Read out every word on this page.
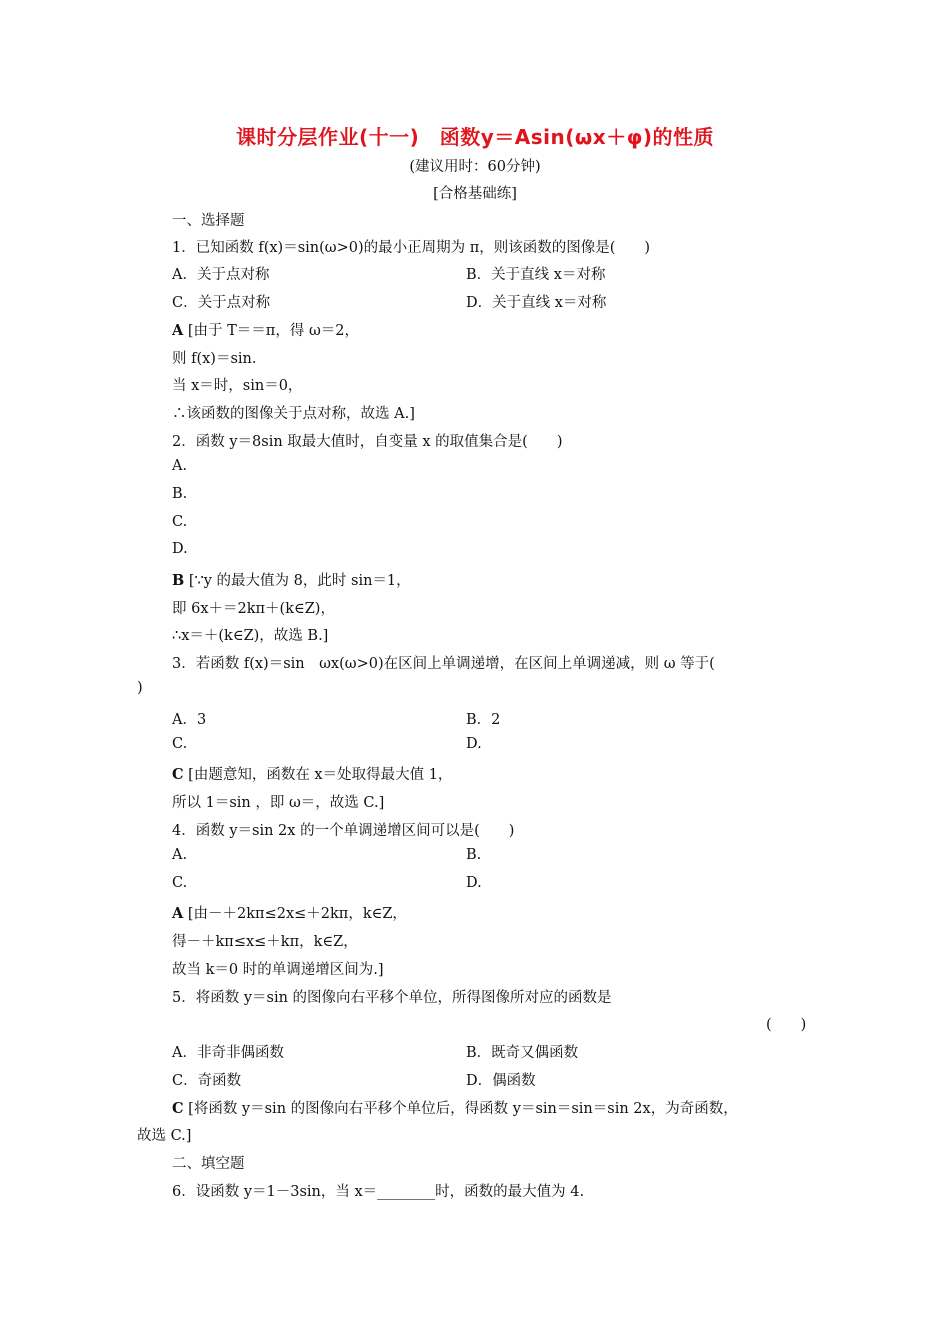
课时分层作业(十一)　函数y＝Asin(ωx＋φ)的性质
(建议用时：60分钟)
[合格基础练]
一、选择题
1．已知函数 f(x)＝sin(ω>0)的最小正周期为 π，则该函数的图像是(　　)
A．关于点对称	B．关于直线 x＝对称
C．关于点对称	D．关于直线 x＝对称
A [由于 T＝＝π，得 ω＝2，
则 f(x)＝sin.
当 x＝时，sin＝0，
∴该函数的图像关于点对称，故选 A.]
2．函数 y＝8sin 取最大值时，自变量 x 的取值集合是(　　)
A.
B.
C.
D.
B [∵y 的最大值为 8，此时 sin＝1，
即 6x＋＝2kπ＋(k∈Z)，
∴x＝＋(k∈Z)，故选 B.]
3．若函数 f(x)＝sin　ωx(ω>0)在区间上单调递增，在区间上单调递减，则 ω 等于(
)
A．3	B．2
C.	D.
C [由题意知，函数在 x＝处取得最大值 1，
所以 1＝sin ，即 ω＝，故选 C.]
4．函数 y＝sin 2x 的一个单调递增区间可以是(　　)
A.	B.
C.	D.
A [由－＋2kπ≤2x≤＋2kπ，k∈Z，
得－＋kπ≤x≤＋kπ，k∈Z，
故当 k＝0 时的单调递增区间为.]
5．将函数 y＝sin 的图像向右平移个单位，所得图像所对应的函数是
(　　)
A．非奇非偶函数	B．既奇又偶函数
C．奇函数	D．偶函数
C [将函数 y＝sin 的图像向右平移个单位后，得函数 y＝sin＝sin＝sin 2x，为奇函数，
故选 C.]
二、填空题
6．设函数 y＝1－3sin，当 x＝________时，函数的最大值为 4.
